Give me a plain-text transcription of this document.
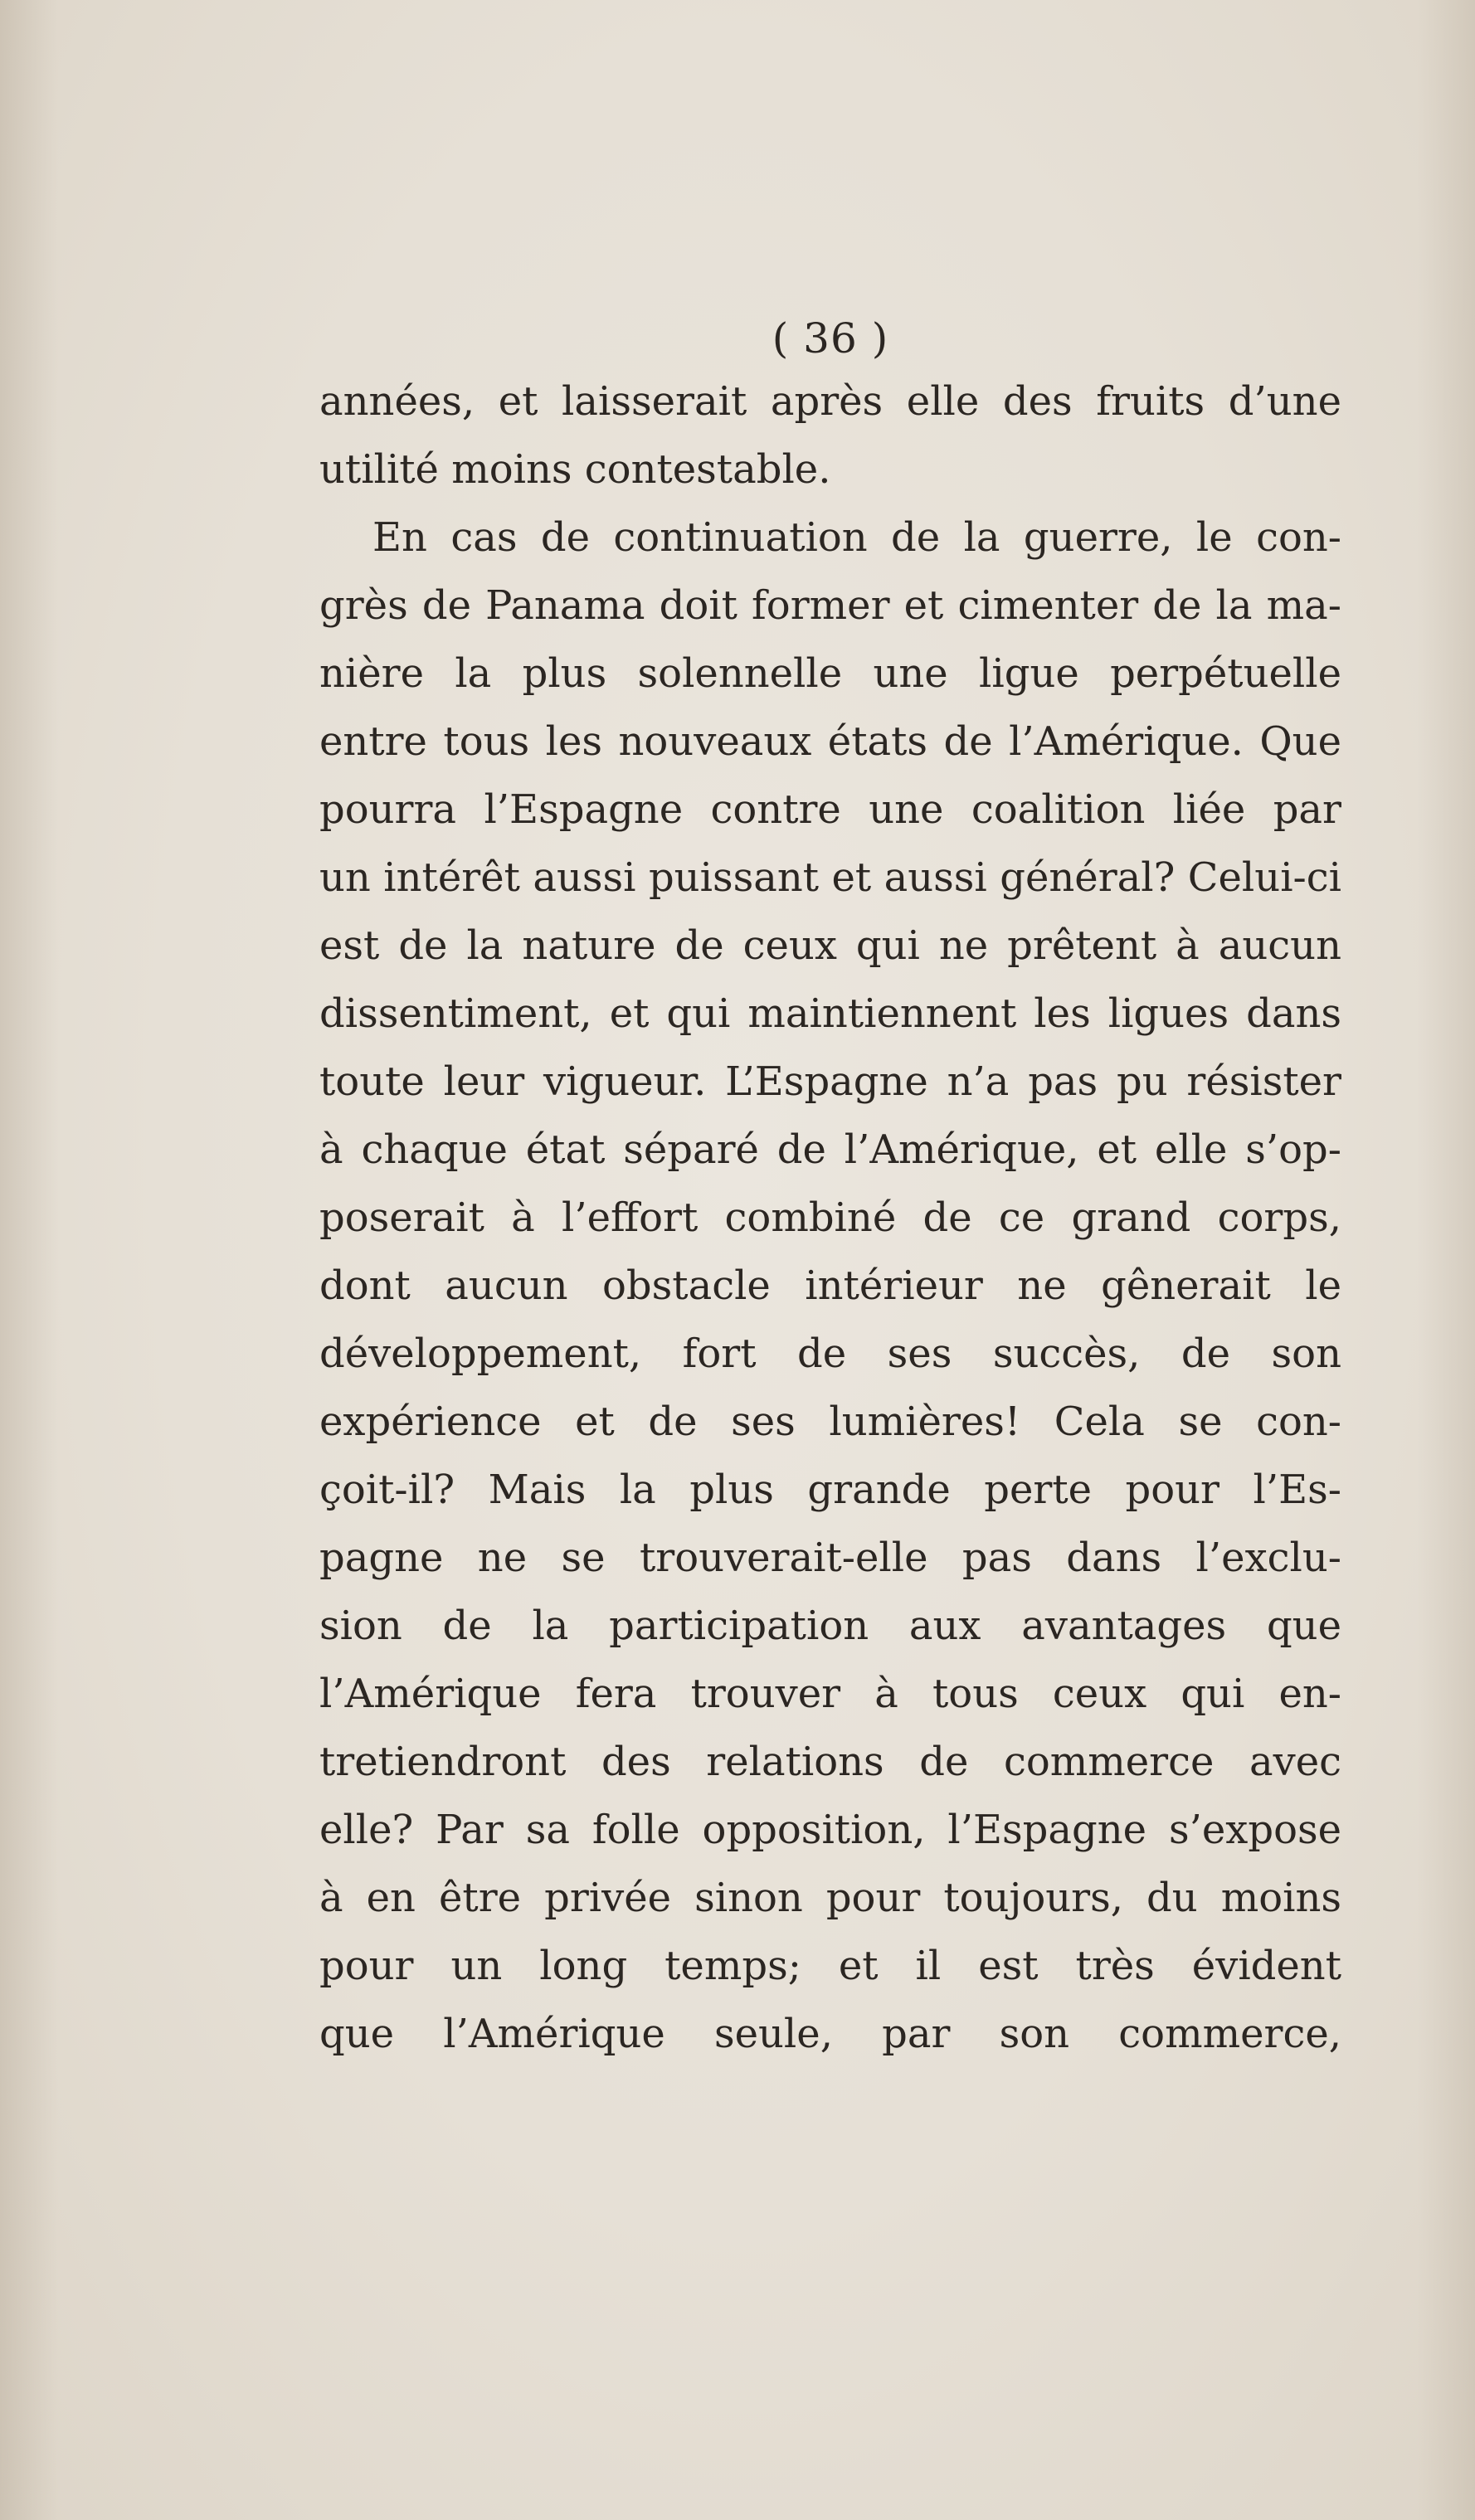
( 36 )
années, et laisserait après elle des fruits d’une
utilité moins contestable.
En cas de continuation de la guerre, le con-
grès de Panama doit former et cimenter de la ma-
nière la plus solennelle une ligue perpétuelle
entre tous les nouveaux états de l’Amérique. Que
pourra l’Espagne contre une coalition liée par
un intérêt aussi puissant et aussi général? Celui-ci
est de la nature de ceux qui ne prêtent à aucun
dissentiment, et qui maintiennent les ligues dans
toute leur vigueur. L’Espagne n’a pas pu résister
à chaque état séparé de l’Amérique, et elle s’op-
poserait à l’effort combiné de ce grand corps,
dont aucun obstacle intérieur ne gênerait le
développement, fort de ses succès, de son
expérience et de ses lumières! Cela se con-
çoit-il? Mais la plus grande perte pour l’Es-
pagne ne se trouverait-elle pas dans l’exclu-
sion de la participation aux avantages que
l’Amérique fera trouver à tous ceux qui en-
tretiendront des relations de commerce avec
elle? Par sa folle opposition, l’Espagne s’expose
à en être privée sinon pour toujours, du moins
pour un long temps; et il est très évident
que l’Amérique seule, par son commerce,
